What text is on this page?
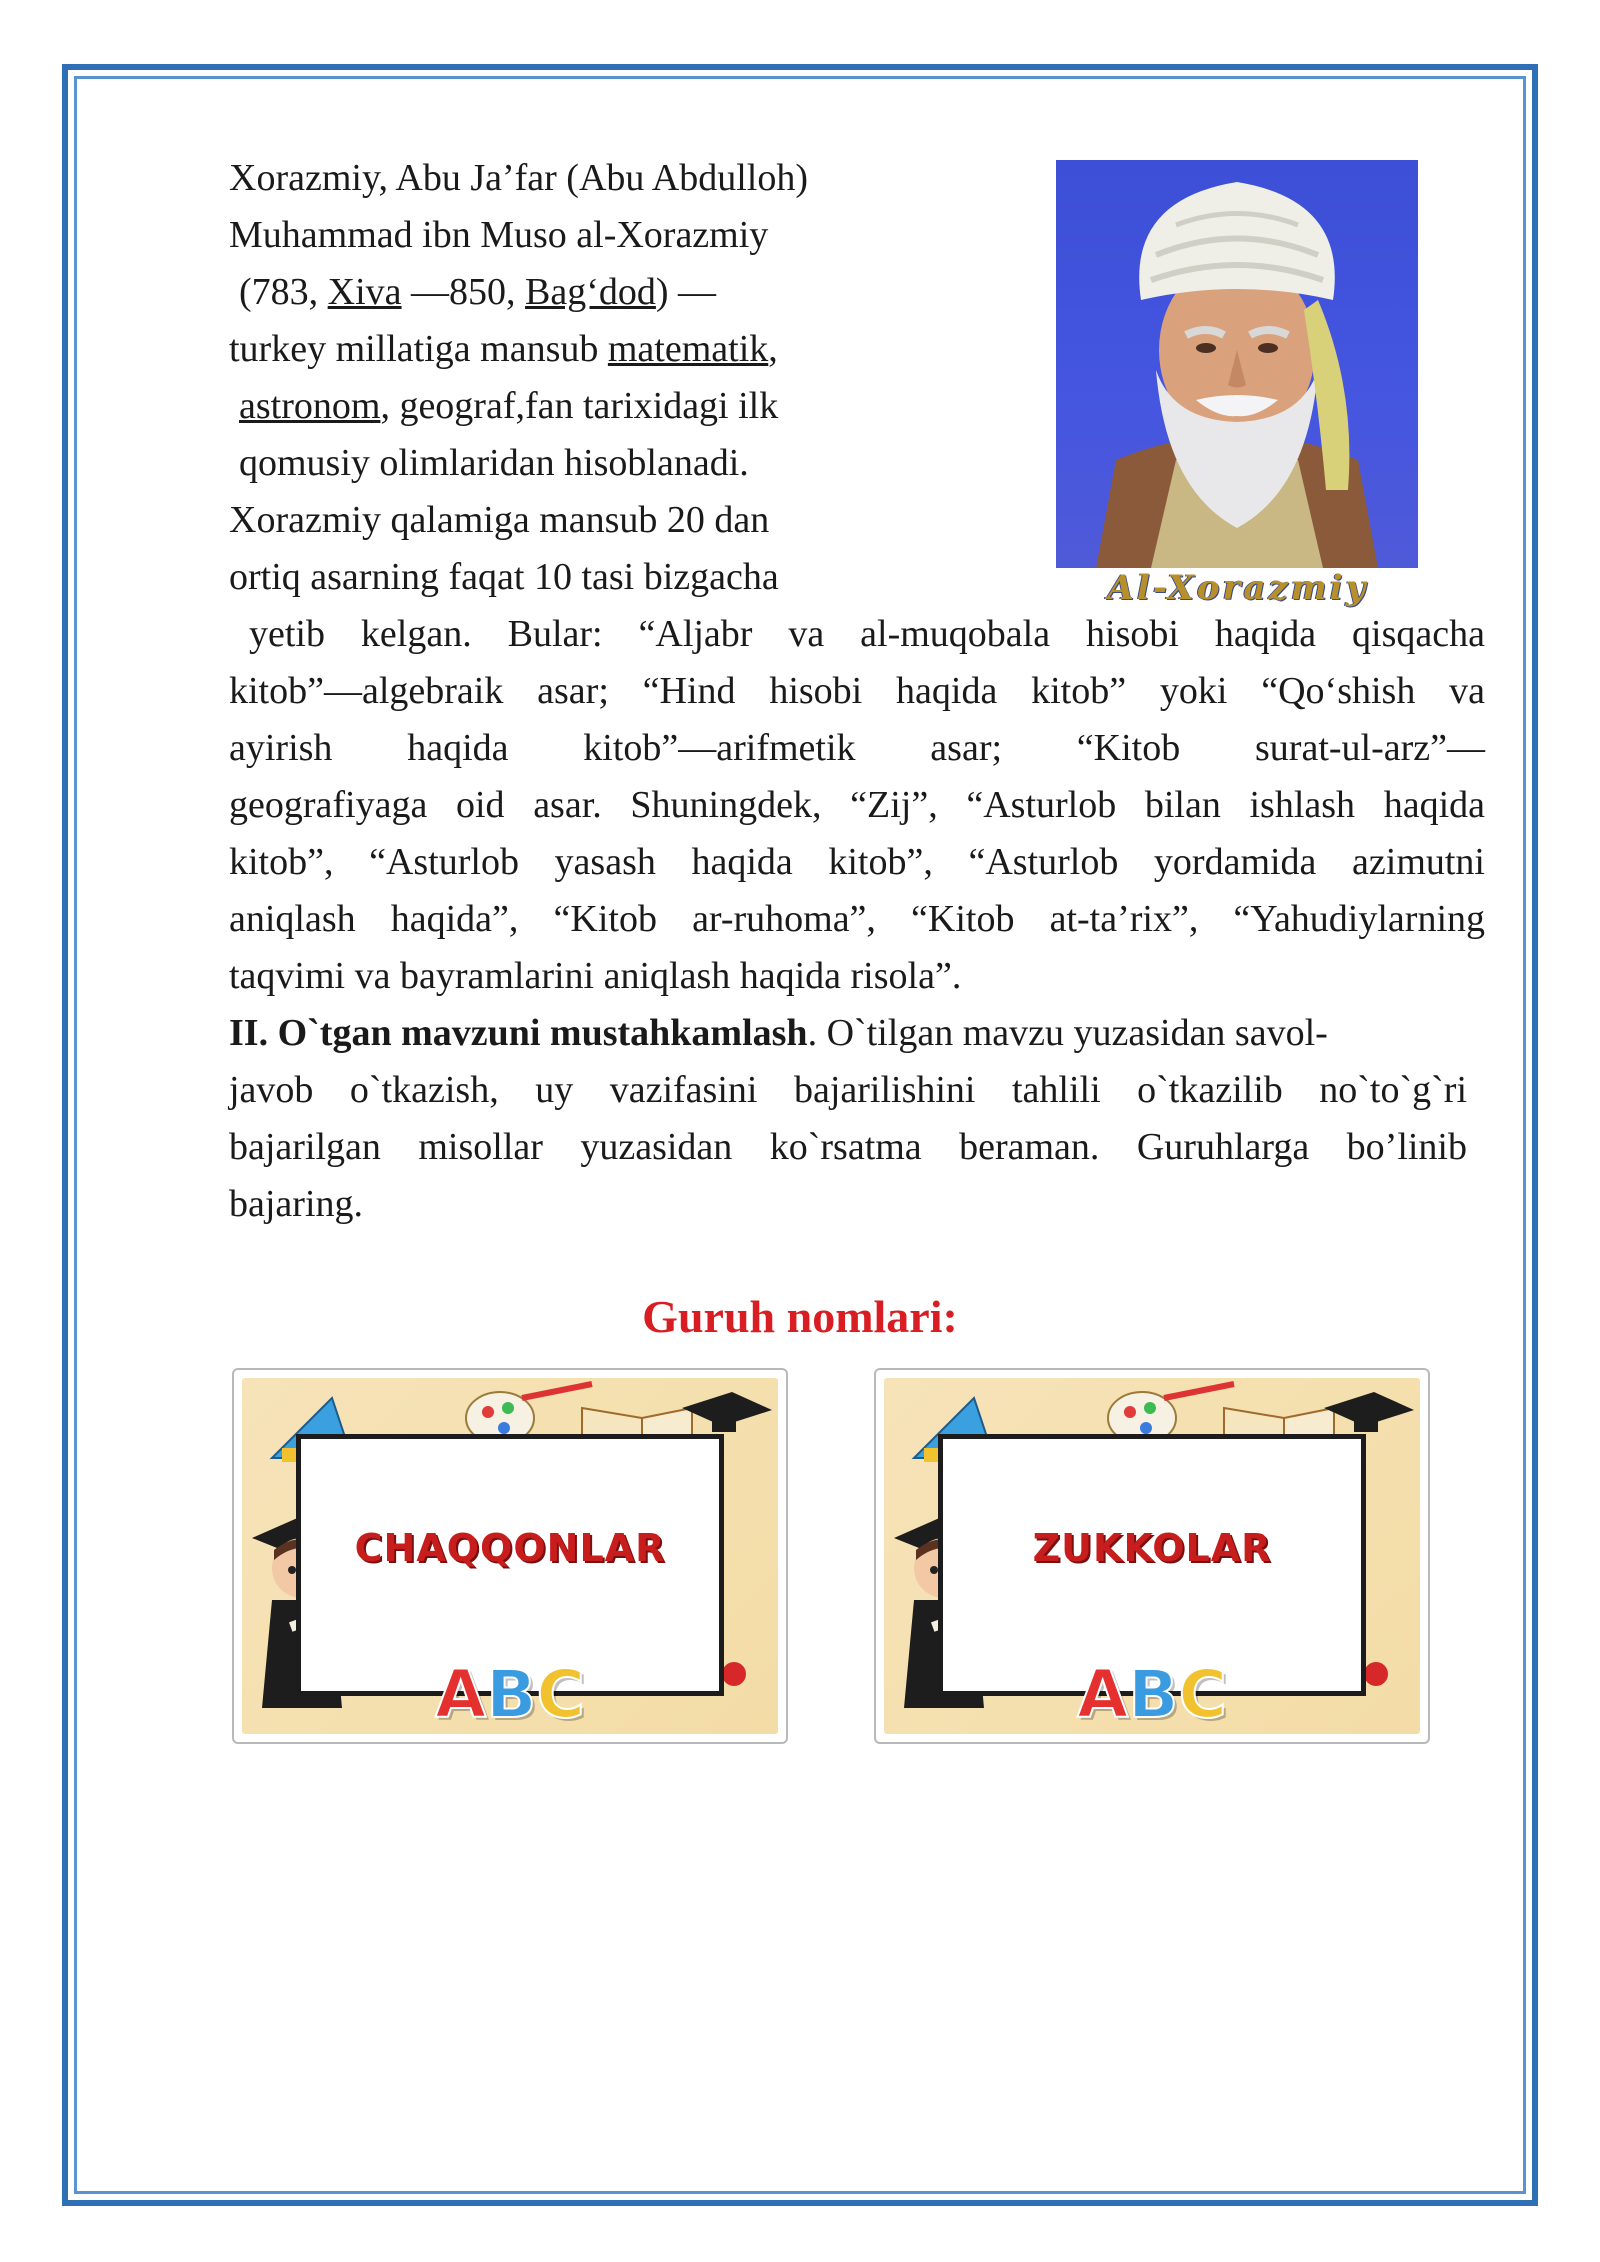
Xorazmiy, Abu Ja’far (Abu Abdulloh)
Muhammad ibn Muso al-Xorazmiy
(783, Xiva —850, Bag‘dod) —
turkey millatiga mansub matematik,
astronom, geograf,fan tarixidagi ilk
qomusiy olimlaridan hisoblanadi.
Xorazmiy qalamiga mansub 20 dan
ortiq asarning faqat 10 tasi bizgacha	Al-Xorazmiy
yetib kelgan. Bular: “Aljabr va al-muqobala hisobi haqida qisqacha
kitob”—algebraik asar; “Hind hisobi haqida kitob” yoki “Qo‘shish va
ayirish haqida kitob”—arifmetik asar; “Kitob surat-ul-arz”—
geografiyaga oid asar. Shuningdek, “Zij”, “Asturlob bilan ishlash haqida
kitob”, “Asturlob yasash haqida kitob”, “Asturlob yordamida azimutni
aniqlash haqida”, “Kitob ar-ruhoma”, “Kitob at-ta’rix”, “Yahudiylarning
taqvimi va bayramlarini aniqlash haqida risola”.
II. O`tgan mavzuni mustahkamlash. O`tilgan mavzu yuzasidan savol-
javob o`tkazish, uy vazifasini bajarilishini tahlili o`tkazilib no`to`g`ri
bajarilgan misollar yuzasidan ko`rsatma beraman. Guruhlarga bo’linib
bajaring.
Guruh nomlari:
CHAQQONLAR
ABC
ZUKKOLAR
ABC
